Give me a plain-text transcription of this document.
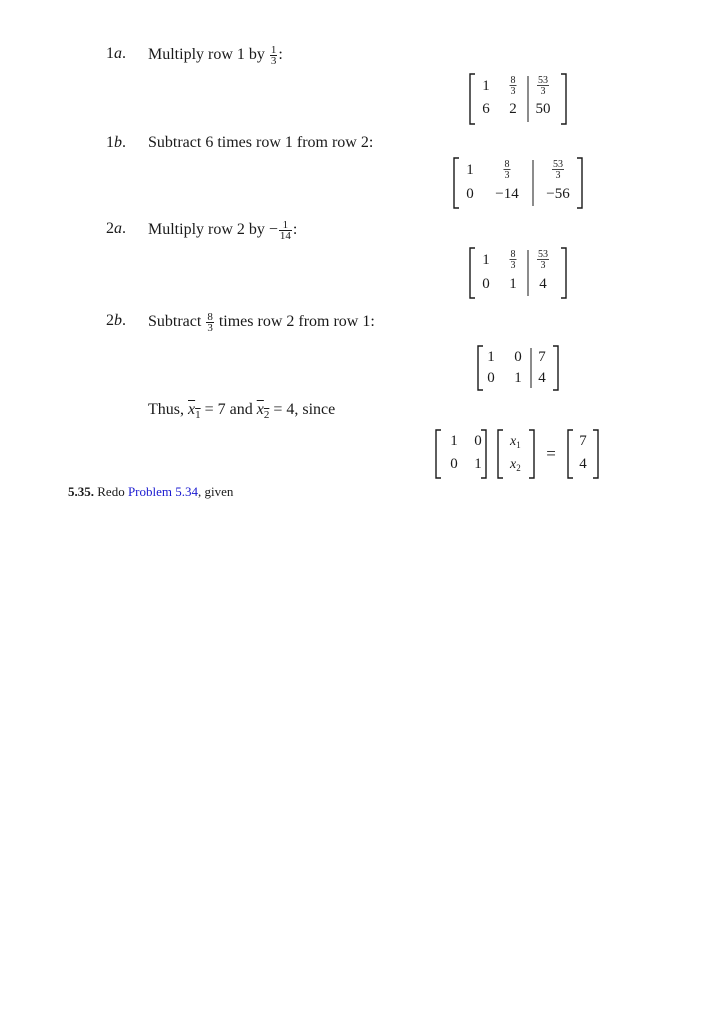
1a. Multiply row 1 by $\frac{1}{3}$ :
1 8
3
53
3
6 2 50
1b. Subtract 6 times row 1 from row 2:
1	8
3
53
3
0 −14 −56
2a. Multiply row 2 by − $\frac{1}{14}$ :
1 8
3
53
3
0 1 4
2b. Subtract $\frac{8}{3}$ times row 2 from row 1:
1 0 7
0 1 4
Thus, $x_1 = 7$ and $x_2 = 4$, since
1 0
0 1
$x_1$
$x_2$
=
7
4
5.35. Redo Problem 5.34, given
